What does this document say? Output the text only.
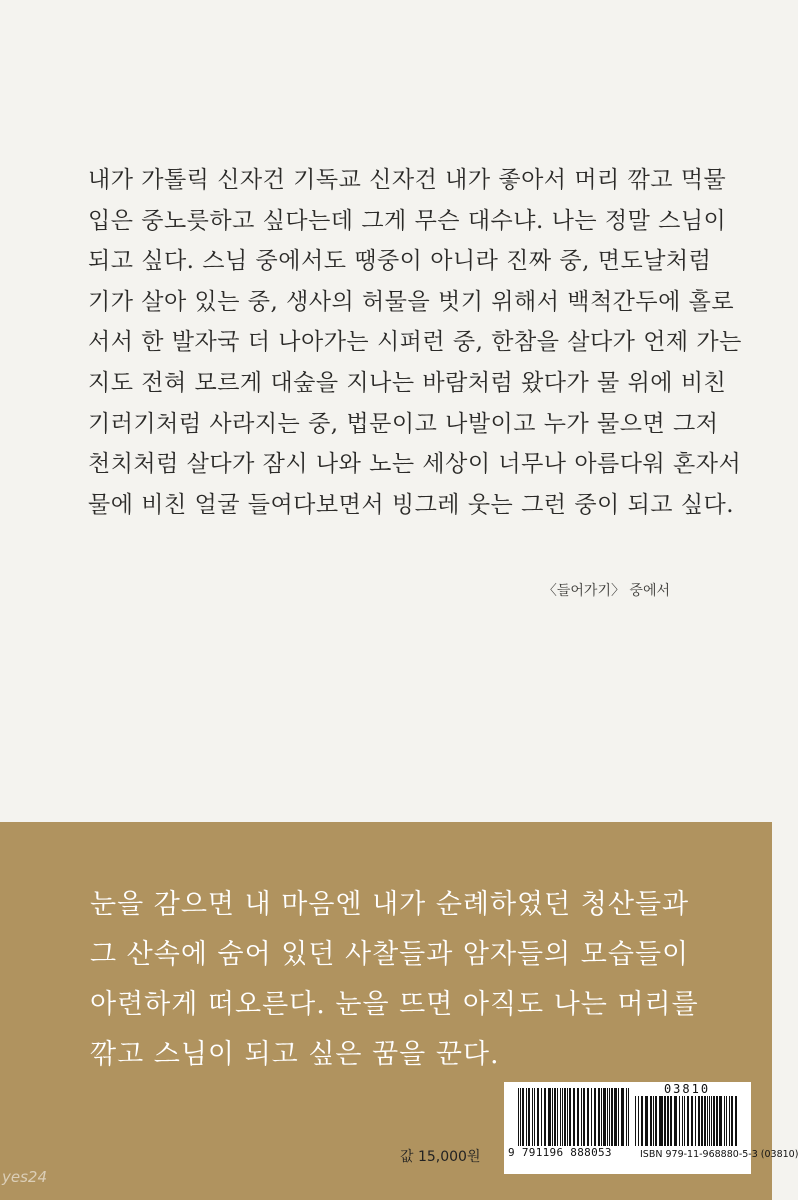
내가 가톨릭 신자건 기독교 신자건 내가 좋아서 머리 깎고 먹물
입은 중노릇하고 싶다는데 그게 무슨 대수냐. 나는 정말 스님이
되고 싶다. 스님 중에서도 땡중이 아니라 진짜 중, 면도날처럼
기가 살아 있는 중, 생사의 허물을 벗기 위해서 백척간두에 홀로
서서 한 발자국 더 나아가는 시퍼런 중, 한참을 살다가 언제 가는
지도 전혀 모르게 대숲을 지나는 바람처럼 왔다가 물 위에 비친
기러기처럼 사라지는 중, 법문이고 나발이고 누가 물으면 그저
천치처럼 살다가 잠시 나와 노는 세상이 너무나 아름다워 혼자서
물에 비친 얼굴 들여다보면서 빙그레 웃는 그런 중이 되고 싶다.
〈들어가기〉 중에서
눈을 감으면 내 마음엔 내가 순례하였던 청산들과
그 산속에 숨어 있던 사찰들과 암자들의 모습들이
아련하게 떠오른다. 눈을 뜨면 아직도 나는 머리를
깎고 스님이 되고 싶은 꿈을 꾼다.
값 15,000원
03810
9 791196 888053	ISBN 979-11-968880-5-3 (03810)
yes24
